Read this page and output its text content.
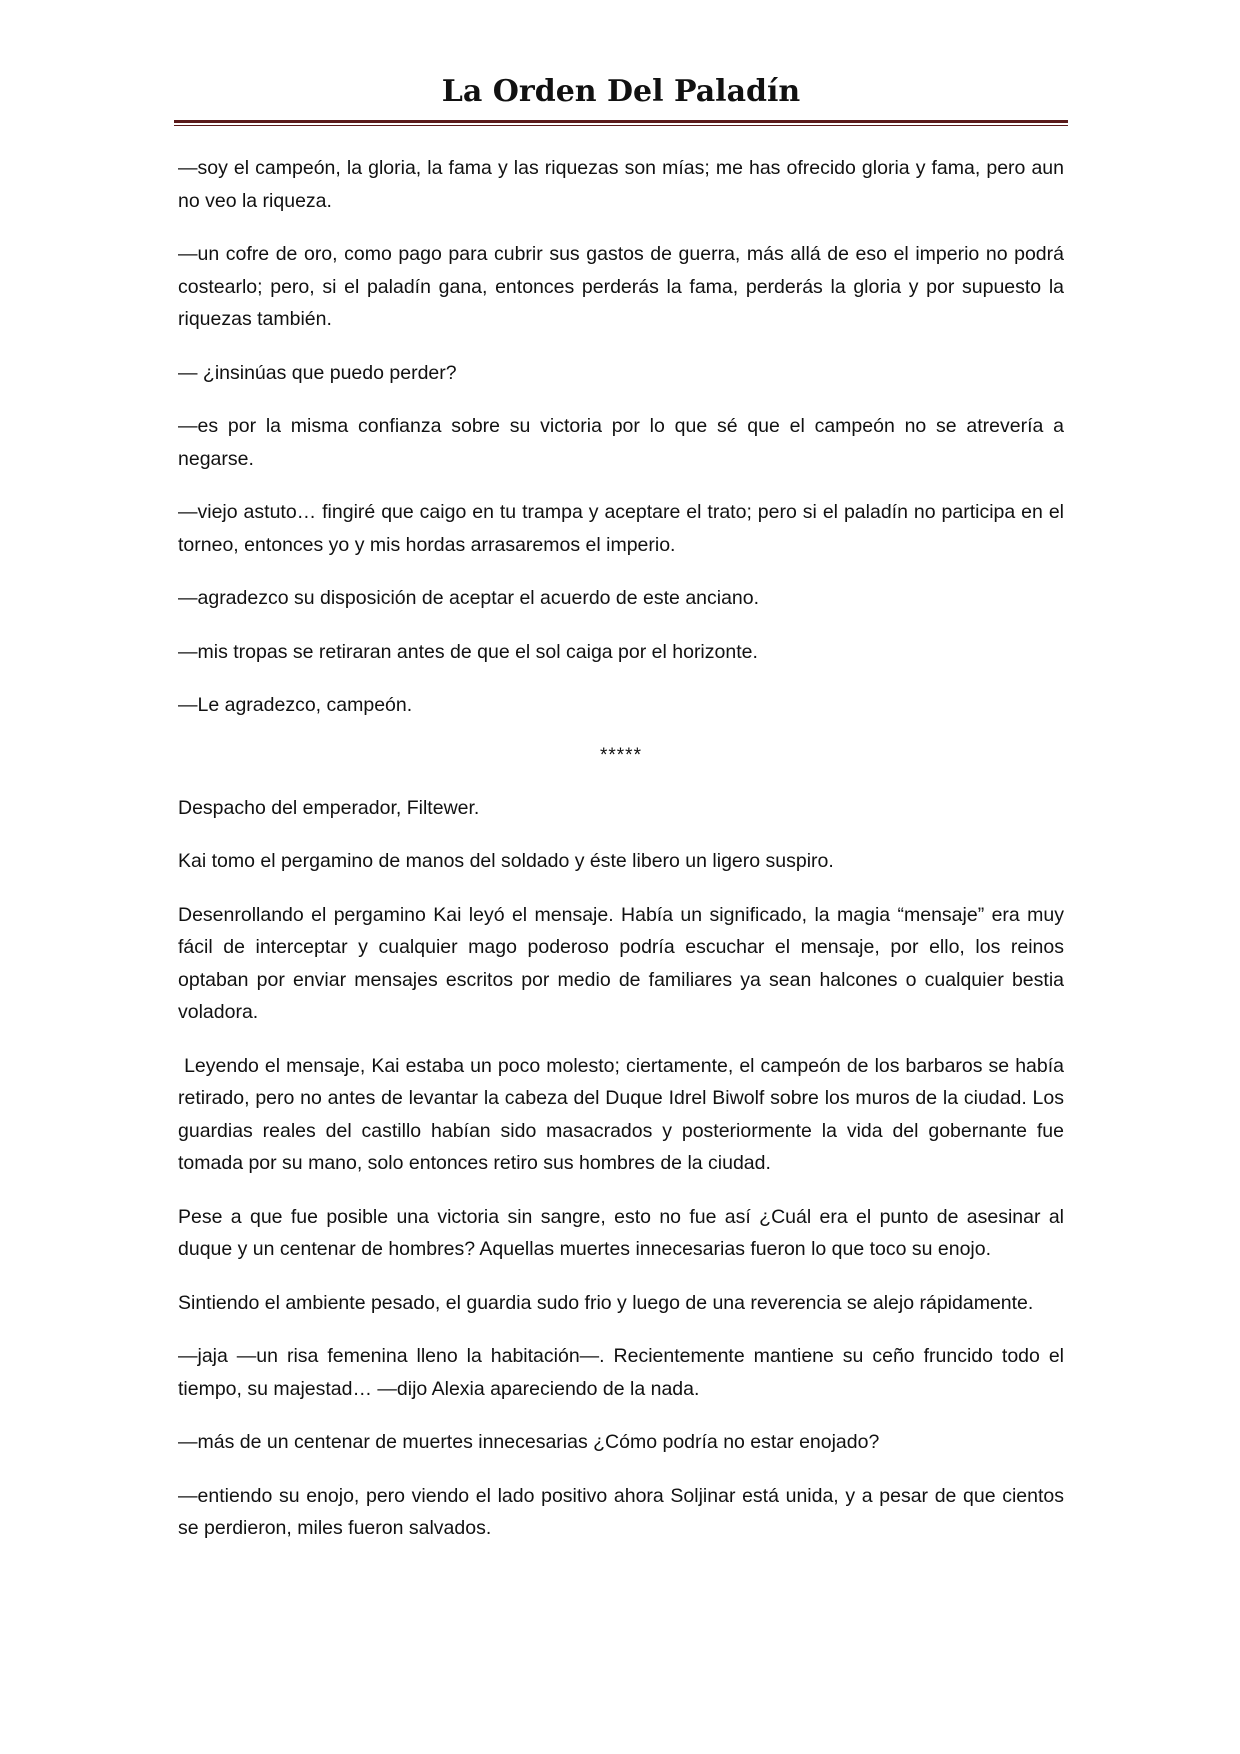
La Orden Del Paladín

—soy el campeón, la gloria, la fama y las riquezas son mías; me has ofrecido gloria y fama, pero aun no veo la riqueza.

—un cofre de oro, como pago para cubrir sus gastos de guerra, más allá de eso el imperio no podrá costearlo; pero, si el paladín gana, entonces perderás la fama, perderás la gloria y por supuesto la riquezas también.

— ¿insinúas que puedo perder?

—es por la misma confianza sobre su victoria por lo que sé que el campeón no se atrevería a negarse.

—viejo astuto… fingiré que caigo en tu trampa y aceptare el trato; pero si el paladín no participa en el torneo, entonces yo y mis hordas arrasaremos el imperio.

—agradezco su disposición de aceptar el acuerdo de este anciano.

—mis tropas se retiraran antes de que el sol caiga por el horizonte.

—Le agradezco, campeón.

*****

Despacho del emperador, Filtewer.

Kai tomo el pergamino de manos del soldado y éste libero un ligero suspiro.

Desenrollando el pergamino Kai leyó el mensaje. Había un significado, la magia “mensaje” era muy fácil de interceptar y cualquier mago poderoso podría escuchar el mensaje, por ello, los reinos optaban por enviar mensajes escritos por medio de familiares ya sean halcones o cualquier bestia voladora.

Leyendo el mensaje, Kai estaba un poco molesto; ciertamente, el campeón de los barbaros se había retirado, pero no antes de levantar la cabeza del Duque Idrel Biwolf sobre los muros de la ciudad. Los guardias reales del castillo habían sido masacrados y posteriormente la vida del gobernante fue tomada por su mano, solo entonces retiro sus hombres de la ciudad.

Pese a que fue posible una victoria sin sangre, esto no fue así ¿Cuál era el punto de asesinar al duque y un centenar de hombres? Aquellas muertes innecesarias fueron lo que toco su enojo.

Sintiendo el ambiente pesado, el guardia sudo frio y luego de una reverencia se alejo rápidamente.

—jaja —un risa femenina lleno la habitación—. Recientemente mantiene su ceño fruncido todo el tiempo, su majestad… —dijo Alexia apareciendo de la nada.

—más de un centenar de muertes innecesarias ¿Cómo podría no estar enojado?

—entiendo su enojo, pero viendo el lado positivo ahora Soljinar está unida, y a pesar de que cientos se perdieron, miles fueron salvados.
